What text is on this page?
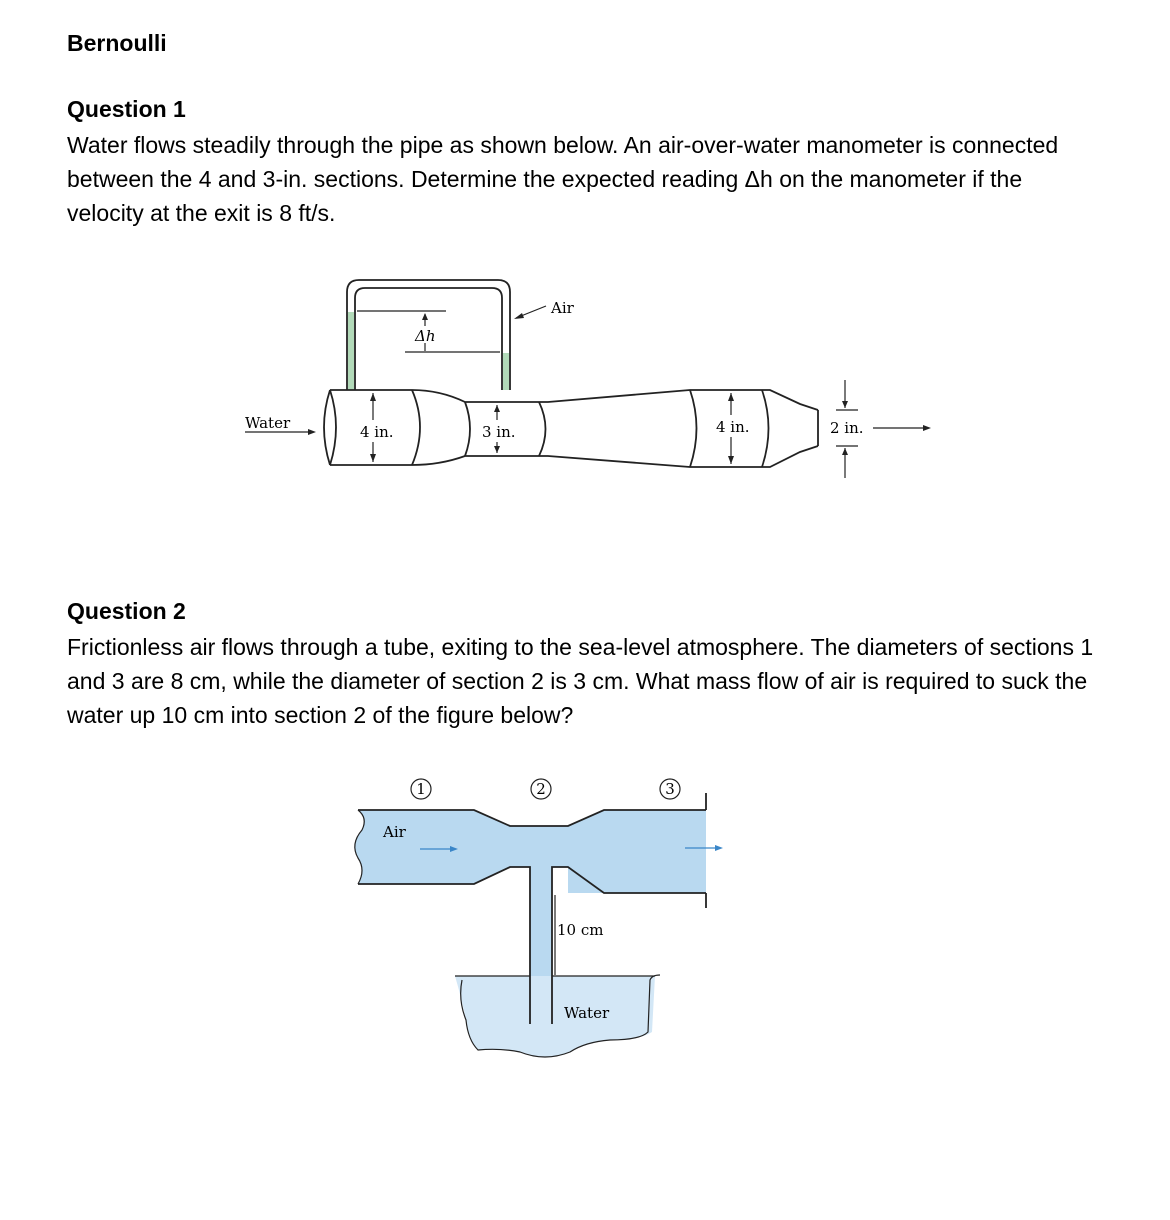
Bernoulli
Question 1
Water flows steadily through the pipe as shown below. An air-over-water manometer is connected between the 4 and 3-in. sections. Determine the expected reading Δh on the manometer if the velocity at the exit is 8 ft/s.
Δh
Air
Water	4 in.	3 in.	4 in.	2 in.
Question 2
Frictionless air flows through a tube, exiting to the sea-level atmosphere. The diameters of sections 1 and 3 are 8 cm, while the diameter of section 2 is 3 cm. What mass flow of air is required to suck the water up 10 cm into section 2 of the figure below?
1	2	3
Air
10 cm
Water
